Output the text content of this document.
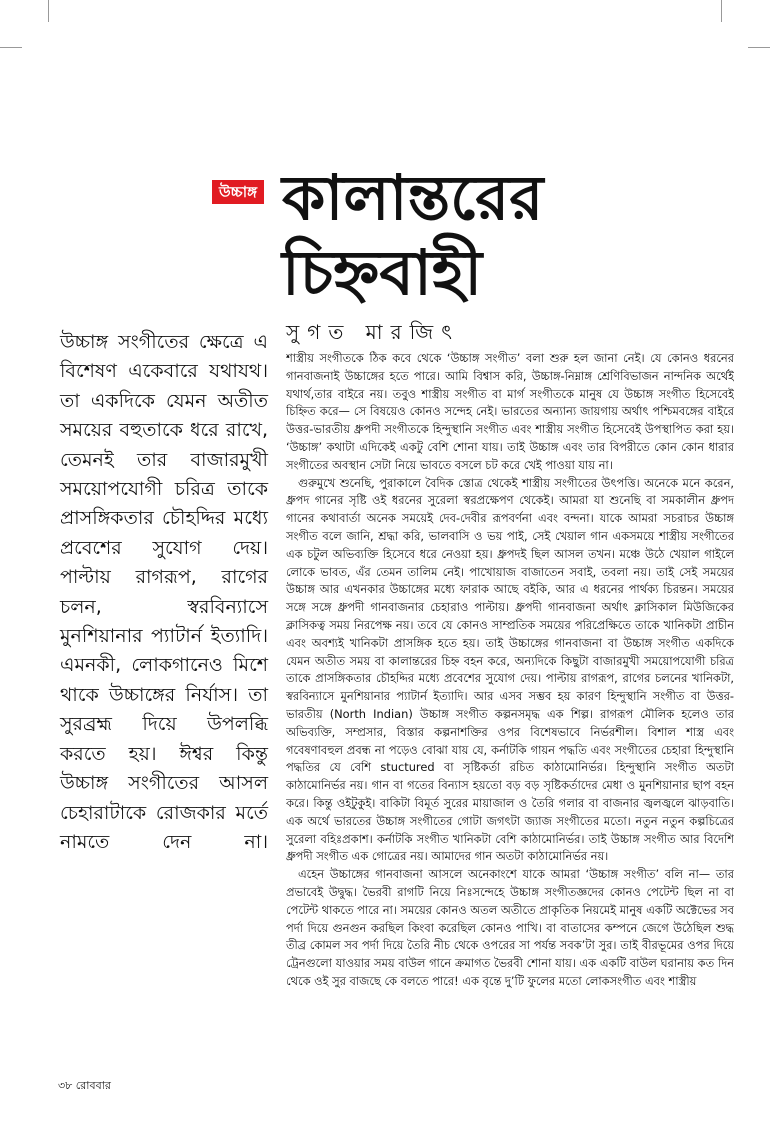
উচ্চাঙ্গ কালান্তরের চিহ্নবাহী
সুগত মারজিৎ
উচ্চাঙ্গ সংগীতের ক্ষেত্রে এ বিশেষণ একেবারে যথাযথ। তা একদিকে যেমন অতীত সময়ের বহুতাকে ধরে রাখে, তেমনই তার বাজারমুখী সময়োপযোগী চরিত্র তাকে প্রাসঙ্গিকতার চৌহদ্দির মধ্যে প্রবেশের সুযোগ দেয়। পাল্টায় রাগরূপ, রাগের চলন, স্বরবিন্যাসে মুনশিয়ানার প্যাটার্ন ইত্যাদি। এমনকী, লোকগানেও মিশে থাকে উচ্চাঙ্গের নির্যাস। তা সুরব্রহ্ম দিয়ে উপলব্ধি করতে হয়। ঈশ্বর কিন্তু উচ্চাঙ্গ সংগীতের আসল চেহারাটাকে রোজকার মর্তে নামতে দেন না।

শাস্ত্রীয় সংগীতকে ঠিক কবে থেকে ‘উচ্চাঙ্গ সংগীত’ বলা শুরু হল জানা নেই। যে কোনও ধরনের গানবাজনাই উচ্চাঙ্গের হতে পারে। আমি বিশ্বাস করি, উচ্চাঙ্গ-নিম্নাঙ্গ শ্রেণিবিভাজন নান্দনিক অর্থেই যথার্থ,তার বাইরে নয়। তবুও শাস্ত্রীয় সংগীত বা মার্গ সংগীতকে মানুষ যে উচ্চাঙ্গ সংগীত হিসেবেই চিহ্নিত করে— সে বিষয়েও কোনও সন্দেহ নেই। ভারতের অন্যান্য জায়গায় অর্থাৎ পশ্চিমবঙ্গের বাইরে উত্তর-ভারতীয় ধ্রুপদী সংগীতকে হিন্দুস্থানি সংগীত এবং শাস্ত্রীয় সংগীত হিসেবেই উপস্থাপিত করা হয়। ‘উচ্চাঙ্গ’ কথাটা এদিকেই একটু বেশি শোনা যায়। তাই উচ্চাঙ্গ এবং তার বিপরীতে কোন কোন ধারার সংগীতের অবস্থান সেটা নিয়ে ভাবতে বসলে চট করে খেই পাওয়া যায় না।

গুরুমুখে শুনেছি, পুরাকালে বৈদিক স্তোত্র থেকেই শাস্ত্রীয় সংগীতের উৎপত্তি। অনেকে মনে করেন, ধ্রুপদ গানের সৃষ্টি ওই ধরনের সুরেলা স্বরপ্রক্ষেপণ থেকেই। আমরা যা শুনেছি বা সমকালীন ধ্রুপদ গানের কথাবার্তা অনেক সময়েই দেব-দেবীর রূপবর্ণনা এবং বন্দনা। যাকে আমরা সচরাচর উচ্চাঙ্গ সংগীত বলে জানি, শ্রদ্ধা করি, ভালবাসি ও ভয় পাই, সেই খেয়াল গান একসময়ে শাস্ত্রীয় সংগীতের এক চটুল অভিব্যক্তি হিসেবে ধরে নেওয়া হয়। ধ্রুপদই ছিল আসল তখন। মঞ্চে উঠে খেয়াল গাইলে লোকে ভাবত, এঁর তেমন তালিম নেই। পাখোয়াজ বাজাতেন সবাই, তবলা নয়। তাই সেই সময়ের উচ্চাঙ্গ আর এখনকার উচ্চাঙ্গের মধ্যে ফারাক আছে বইকি, আর এ ধরনের পার্থক্য চিরন্তন। সময়ের সঙ্গে সঙ্গে ধ্রুপদী গানবাজনার চেহারাও পাল্টায়। ধ্রুপদী গানবাজনা অর্থাৎ ক্লাসিকাল মিউজিকের ক্লাসিকত্ব সময় নিরপেক্ষ নয়। তবে যে কোনও সাম্প্রতিক সময়ের পরিপ্রেক্ষিতে তাকে খানিকটা প্রাচীন এবং অবশ্যই খানিকটা প্রাসঙ্গিক হতে হয়। তাই উচ্চাঙ্গের গানবাজনা বা উচ্চাঙ্গ সংগীত একদিকে যেমন অতীত সময় বা কালান্তরের চিহ্ন বহন করে, অন্যদিকে কিছুটা বাজারমুখী সময়োপযোগী চরিত্র তাকে প্রাসঙ্গিকতার চৌহদ্দির মধ্যে প্রবেশের সুযোগ দেয়। পাল্টায় রাগরূপ, রাগের চলনের খানিকটা, স্বরবিন্যাসে মুনশিয়ানার প্যাটার্ন ইত্যাদি। আর এসব সম্ভব হয় কারণ হিন্দুস্থানি সংগীত বা উত্তর-ভারতীয় (North Indian) উচ্চাঙ্গ সংগীত কল্পনসমৃদ্ধ এক শিল্প। রাগরূপ মৌলিক হলেও তার অভিব্যক্তি, সম্প্রসার, বিস্তার কল্পনাশক্তির ওপর বিশেষভাবে নির্ভরশীল। বিশাল শাস্ত্র এবং গবেষণাবহুল প্রবন্ধ না পড়েও বোঝা যায় যে, কর্নাটকি গায়ন পদ্ধতি এবং সংগীতের চেহারা হিন্দুস্থানি পদ্ধতির যে বেশি stuctured বা সৃষ্টিকর্তা রচিত কাঠামোনির্ভর। হিন্দুস্থানি সংগীত অতটা কাঠামোনির্ভর নয়। গান বা গতের বিন্যাস হয়তো বড় বড় সৃষ্টিকর্তাদের মেধা ও মুনশিয়ানার ছাপ বহন করে। কিন্তু ওইটুকুই। বাকিটা বিমূর্ত সুরের মায়াজাল ও তৈরি গলার বা বাজনার জ্বলজ্বলে ঝাড়বাতি। এক অর্থে ভারতের উচ্চাঙ্গ সংগীতের গোটা জগৎটা জ্যাজ সংগীতের মতো। নতুন নতুন কল্পচিত্রের সুরেলা বহিঃপ্রকাশ। কর্নাটকি সংগীত খানিকটা বেশি কাঠামোনির্ভর। তাই উচ্চাঙ্গ সংগীত আর বিদেশি ধ্রুপদী সংগীত এক গোত্রের নয়। আমাদের গান অতটা কাঠামোনির্ভর নয়।

এহেন উচ্চাঙ্গের গানবাজনা আসলে অনেকাংশে যাকে আমরা ‘উচ্চাঙ্গ সংগীত’ বলি না— তার প্রভাবেই উদ্বুদ্ধ। ভৈরবী রাগটি নিয়ে নিঃসন্দেহে উচ্চাঙ্গ সংগীতজ্ঞদের কোনও পেটেন্ট ছিল না বা পেটেন্ট থাকতে পারে না। সময়ের কোনও অতল অতীতে প্রাকৃতিক নিয়মেই মানুষ একটি অক্টেভের সব পর্দা দিয়ে গুনগুন করছিল কিংবা করেছিল কোনও পাখি। বা বাতাসের কম্পনে জেগে উঠেছিল শুদ্ধ তীব্র কোমল সব পর্দা দিয়ে তৈরি নীচ থেকে ওপরের সা পর্যন্ত সবক’টা সুর। তাই বীরভূমের ওপর দিয়ে ট্রেনগুলো যাওয়ার সময় বাউল গানে ক্রমাগত ভৈরবী শোনা যায়। এক একটি বাউল ঘরানায় কত দিন থেকে ওই সুর বাজছে কে বলতে পারে! এক বৃন্তে দু’টি ফুলের মতো লোকসংগীত এবং শাস্ত্রীয়

৩৮ রোববার
